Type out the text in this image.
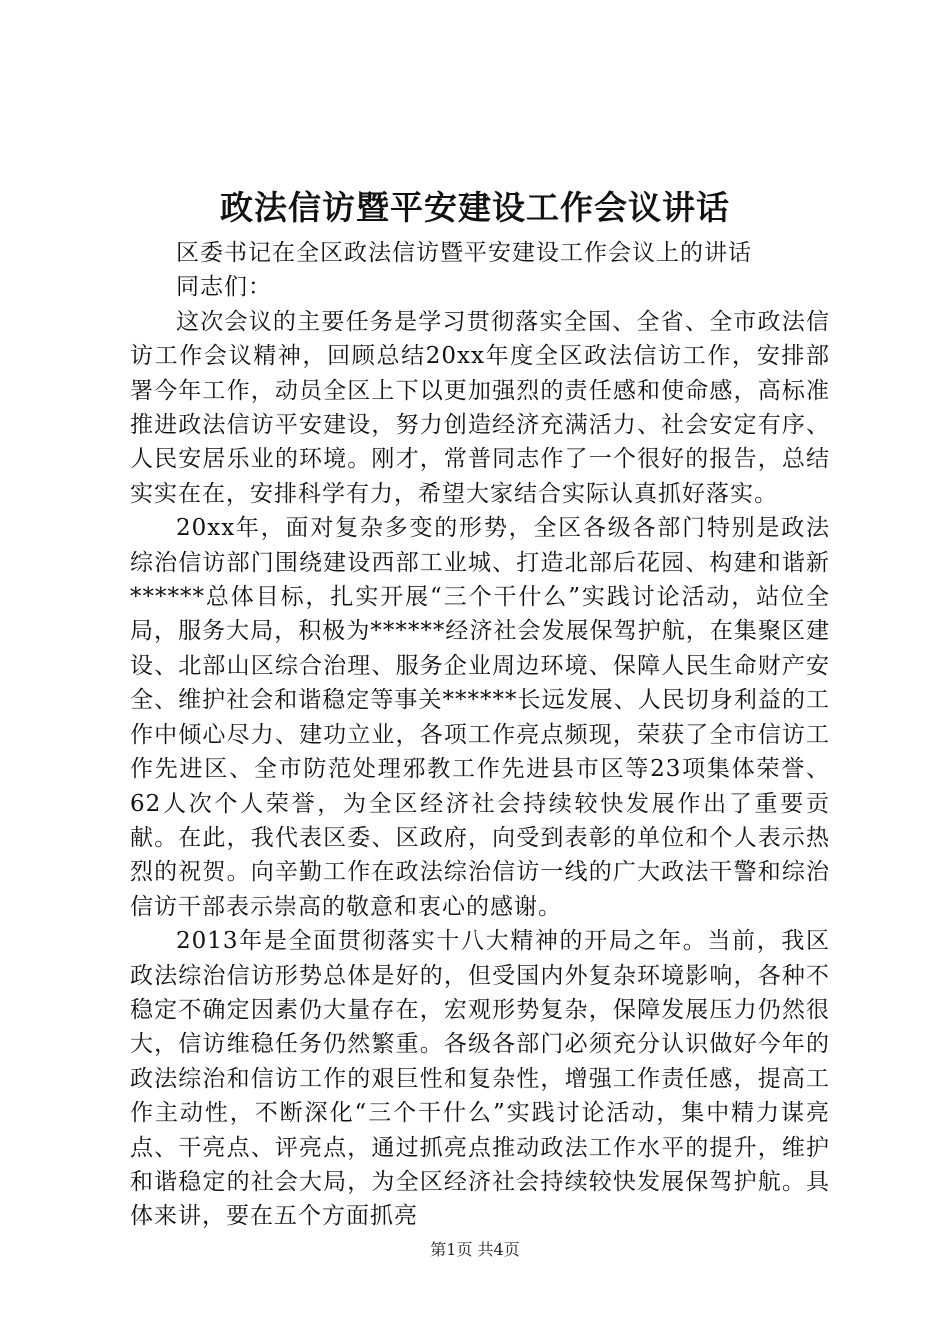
政法信访暨平安建设工作会议讲话

区委书记在全区政法信访暨平安建设工作会议上的讲话

同志们：

这次会议的主要任务是学习贯彻落实全国、全省、全市政法信访工作会议精神，回顾总结20xx年度全区政法信访工作，安排部署今年工作，动员全区上下以更加强烈的责任感和使命感，高标准推进政法信访平安建设，努力创造经济充满活力、社会安定有序、人民安居乐业的环境。刚才，常普同志作了一个很好的报告，总结实实在在，安排科学有力，希望大家结合实际认真抓好落实。

20xx年，面对复杂多变的形势，全区各级各部门特别是政法综治信访部门围绕建设西部工业城、打造北部后花园、构建和谐新******总体目标，扎实开展“三个干什么”实践讨论活动，站位全局，服务大局，积极为******经济社会发展保驾护航，在集聚区建设、北部山区综合治理、服务企业周边环境、保障人民生命财产安全、维护社会和谐稳定等事关******长远发展、人民切身利益的工作中倾心尽力、建功立业，各项工作亮点频现，荣获了全市信访工作先进区、全市防范处理邪教工作先进县市区等23项集体荣誉、62人次个人荣誉，为全区经济社会持续较快发展作出了重要贡献。在此，我代表区委、区政府，向受到表彰的单位和个人表示热烈的祝贺。向辛勤工作在政法综治信访一线的广大政法干警和综治信访干部表示崇高的敬意和衷心的感谢。

2013年是全面贯彻落实十八大精神的开局之年。当前，我区政法综治信访形势总体是好的，但受国内外复杂环境影响，各种不稳定不确定因素仍大量存在，宏观形势复杂，保障发展压力仍然很大，信访维稳任务仍然繁重。各级各部门必须充分认识做好今年的政法综治和信访工作的艰巨性和复杂性，增强工作责任感，提高工作主动性，不断深化“三个干什么”实践讨论活动，集中精力谋亮点、干亮点、评亮点，通过抓亮点推动政法工作水平的提升，维护和谐稳定的社会大局，为全区经济社会持续较快发展保驾护航。具体来讲，要在五个方面抓亮

第1页 共4页
